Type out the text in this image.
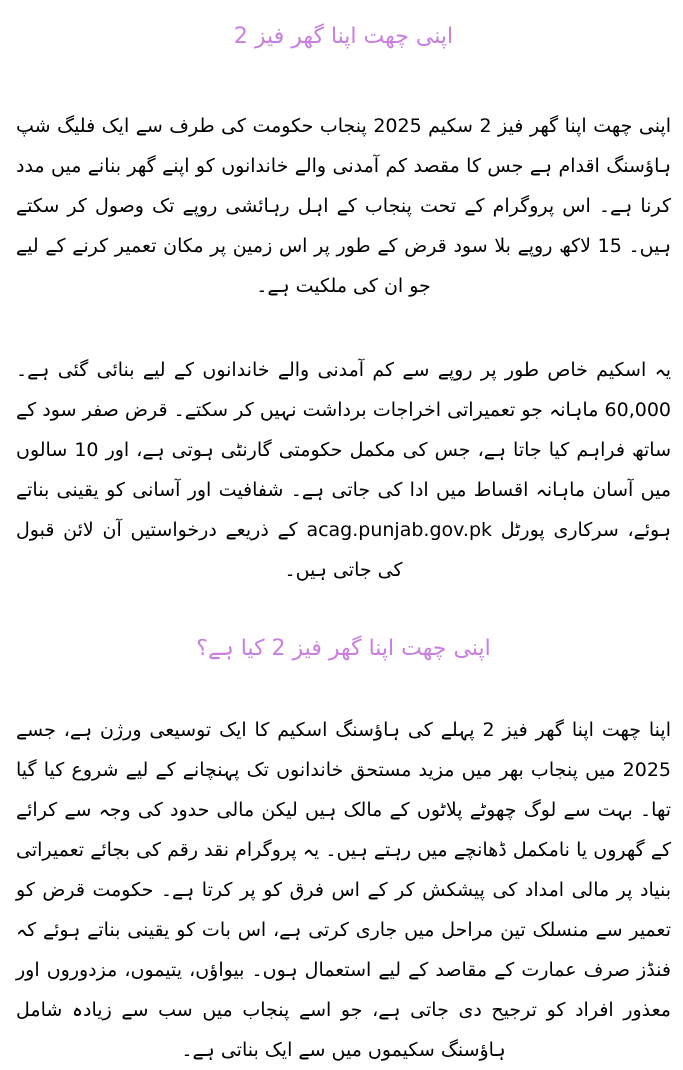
اپنی چھت اپنا گھر فیز 2

اپنی چھت اپنا گھر فیز 2 سکیم 2025 پنجاب حکومت کی طرف سے ایک فلیگ شپ ہاؤسنگ اقدام ہے جس کا مقصد کم آمدنی والے خاندانوں کو اپنے گھر بنانے میں مدد کرنا ہے۔ اس پروگرام کے تحت پنجاب کے اہل رہائشی روپے تک وصول کر سکتے ہیں۔ 15 لاکھ روپے بلا سود قرض کے طور پر اس زمین پر مکان تعمیر کرنے کے لیے جو ان کی ملکیت ہے۔

یہ اسکیم خاص طور پر روپے سے کم آمدنی والے خاندانوں کے لیے بنائی گئی ہے۔ 60,000 ماہانہ جو تعمیراتی اخراجات برداشت نہیں کر سکتے۔ قرض صفر سود کے ساتھ فراہم کیا جاتا ہے، جس کی مکمل حکومتی گارنٹی ہوتی ہے، اور 10 سالوں میں آسان ماہانہ اقساط میں ادا کی جاتی ہے۔ شفافیت اور آسانی کو یقینی بناتے ہوئے، سرکاری پورٹل acag.punjab.gov.pk کے ذریعے درخواستیں آن لائن قبول کی جاتی ہیں۔

اپنی چھت اپنا گھر فیز 2 کیا ہے؟

اپنا چھت اپنا گھر فیز 2 پہلے کی ہاؤسنگ اسکیم کا ایک توسیعی ورژن ہے، جسے 2025 میں پنجاب بھر میں مزید مستحق خاندانوں تک پہنچانے کے لیے شروع کیا گیا تھا۔ بہت سے لوگ چھوٹے پلاٹوں کے مالک ہیں لیکن مالی حدود کی وجہ سے کرائے کے گھروں یا نامکمل ڈھانچے میں رہتے ہیں۔ یہ پروگرام نقد رقم کی بجائے تعمیراتی بنیاد پر مالی امداد کی پیشکش کر کے اس فرق کو پر کرتا ہے۔ حکومت قرض کو تعمیر سے منسلک تین مراحل میں جاری کرتی ہے، اس بات کو یقینی بناتے ہوئے کہ فنڈز صرف عمارت کے مقاصد کے لیے استعمال ہوں۔ بیواؤں، یتیموں، مزدوروں اور معذور افراد کو ترجیح دی جاتی ہے، جو اسے پنجاب میں سب سے زیادہ شامل ہاؤسنگ سکیموں میں سے ایک بناتی ہے۔
